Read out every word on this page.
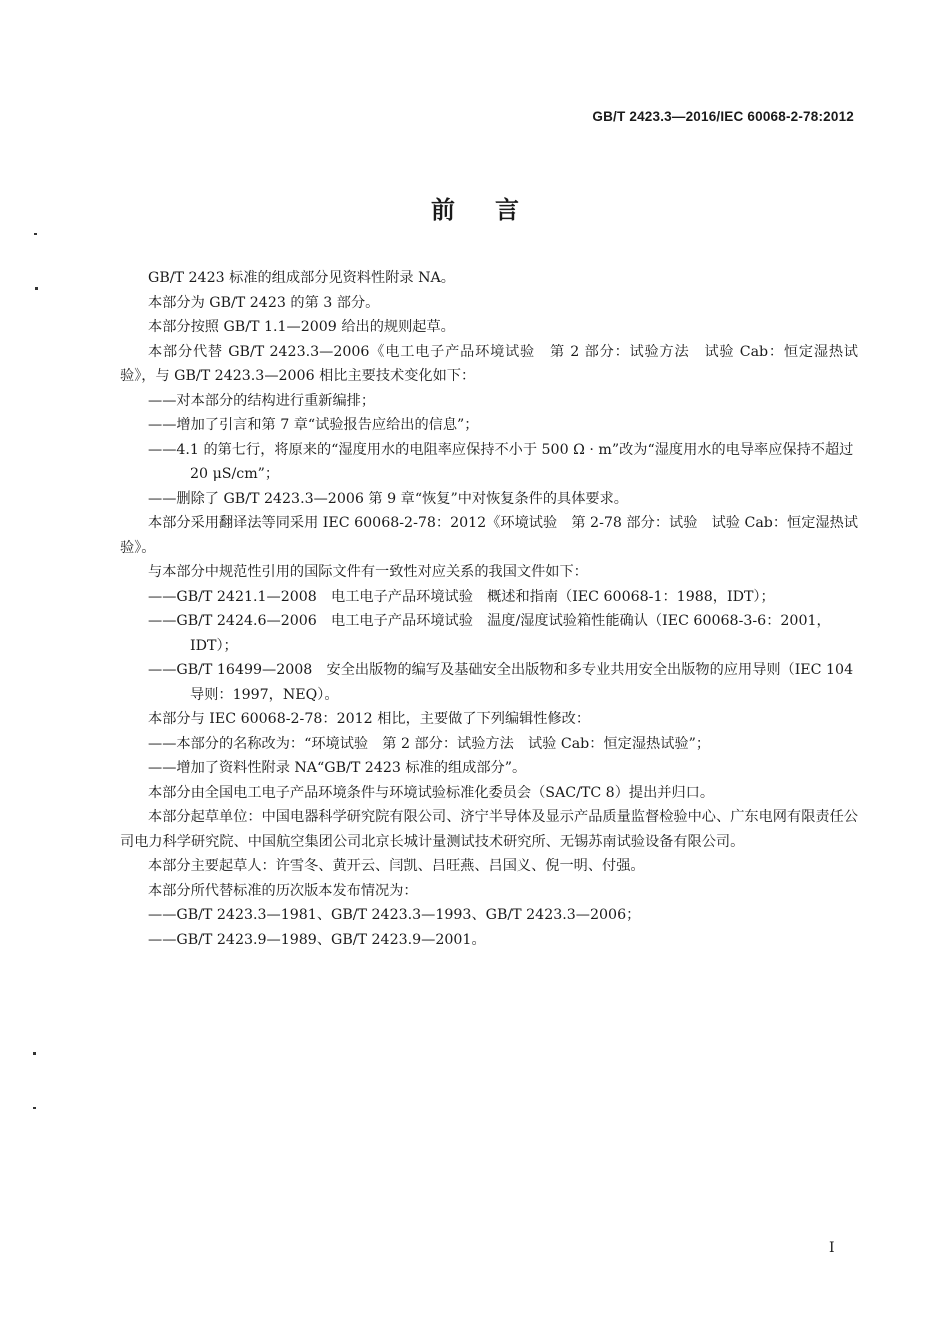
GB/T 2423.3—2016/IEC 60068-2-78:2012
前言

GB/T 2423 标准的组成部分见资料性附录 NA。

本部分为 GB/T 2423 的第 3 部分。

本部分按照 GB/T 1.1—2009 给出的规则起草。

本部分代替 GB/T 2423.3—2006《电工电子产品环境试验　第 2 部分：试验方法　试验 Cab：恒定湿热试验》，与 GB/T 2423.3—2006 相比主要技术变化如下：

——对本部分的结构进行重新编排；

——增加了引言和第 7 章“试验报告应给出的信息”；

——4.1 的第七行，将原来的“湿度用水的电阻率应保持不小于 500 Ω · m”改为“湿度用水的电导率应保持不超过 20 μS/cm”；

——删除了 GB/T 2423.3—2006 第 9 章“恢复”中对恢复条件的具体要求。

本部分采用翻译法等同采用 IEC 60068-2-78：2012《环境试验　第 2-78 部分：试验　试验 Cab：恒定湿热试验》。

与本部分中规范性引用的国际文件有一致性对应关系的我国文件如下：

——GB/T 2421.1—2008　电工电子产品环境试验　概述和指南（IEC 60068-1：1988，IDT）；

——GB/T 2424.6—2006　电工电子产品环境试验　温度/湿度试验箱性能确认（IEC 60068-3-6：2001，IDT）；

——GB/T 16499—2008　安全出版物的编写及基础安全出版物和多专业共用安全出版物的应用导则（IEC 104 导则：1997，NEQ）。

本部分与 IEC 60068-2-78：2012 相比，主要做了下列编辑性修改：

——本部分的名称改为：“环境试验　第 2 部分：试验方法　试验 Cab：恒定湿热试验”；

——增加了资料性附录 NA“GB/T 2423 标准的组成部分”。

本部分由全国电工电子产品环境条件与环境试验标准化委员会（SAC/TC 8）提出并归口。

本部分起草单位：中国电器科学研究院有限公司、济宁半导体及显示产品质量监督检验中心、广东电网有限责任公司电力科学研究院、中国航空集团公司北京长城计量测试技术研究所、无锡苏南试验设备有限公司。

本部分主要起草人：许雪冬、黄开云、闫凯、吕旺燕、吕国义、倪一明、付强。

本部分所代替标准的历次版本发布情况为：

——GB/T 2423.3—1981、GB/T 2423.3—1993、GB/T 2423.3—2006；

——GB/T 2423.9—1989、GB/T 2423.9—2001。

I
